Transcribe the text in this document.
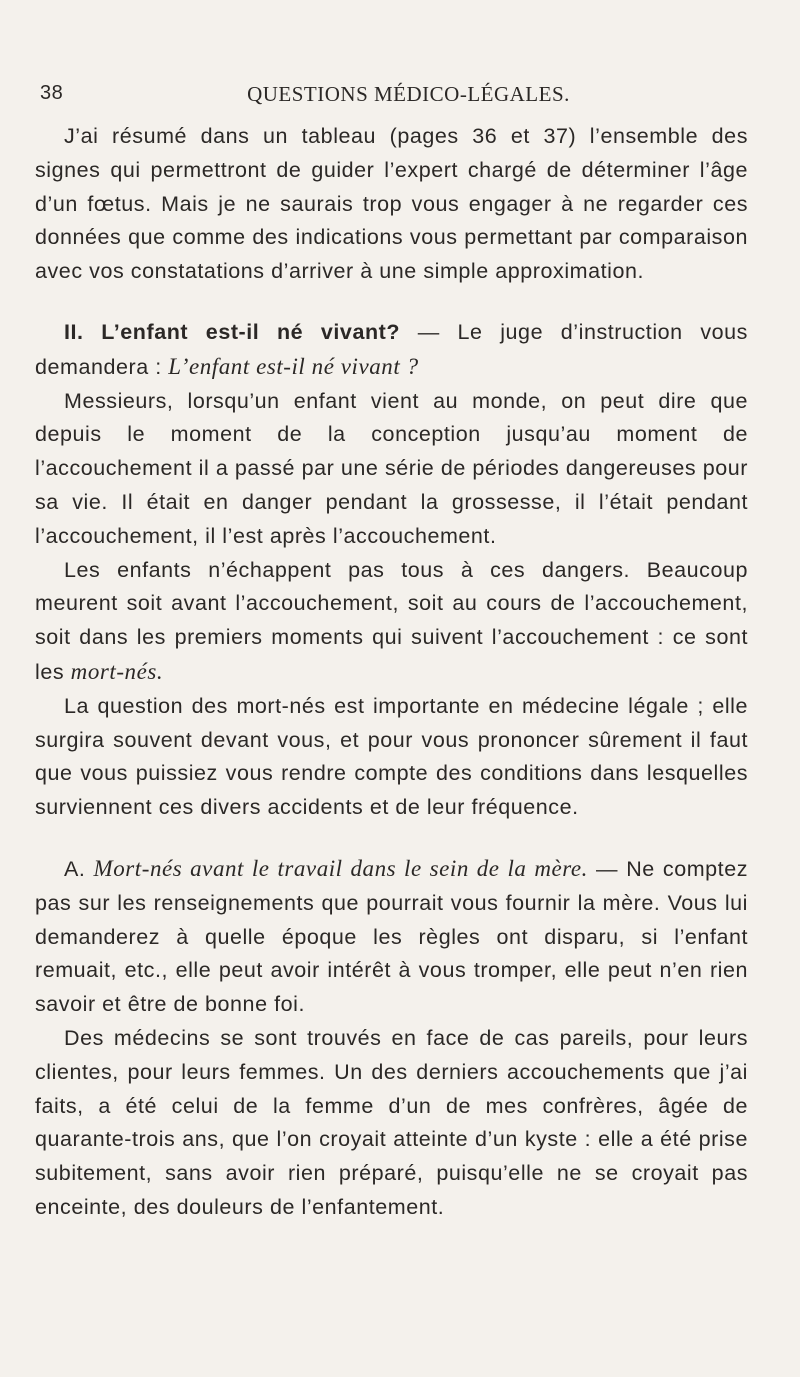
38	QUESTIONS MÉDICO-LÉGALES.

J’ai résumé dans un tableau (pages 36 et 37) l’ensemble des signes qui permettront de guider l’expert chargé de déterminer l’âge d’un fœtus. Mais je ne saurais trop vous engager à ne regarder ces données que comme des indications vous permettant par comparaison avec vos constatations d’arriver à une simple approximation.

II. L’enfant est-il né vivant? — Le juge d’instruction vous demandera : L’enfant est-il né vivant ?

Messieurs, lorsqu’un enfant vient au monde, on peut dire que depuis le moment de la conception jusqu’au moment de l’accouchement il a passé par une série de périodes dangereuses pour sa vie. Il était en danger pendant la grossesse, il l’était pendant l’accouchement, il l’est après l’accouchement.

Les enfants n’échappent pas tous à ces dangers. Beaucoup meurent soit avant l’accouchement, soit au cours de l’accouchement, soit dans les premiers moments qui suivent l’accouchement : ce sont les mort-nés.

La question des mort-nés est importante en médecine légale ; elle surgira souvent devant vous, et pour vous prononcer sûrement il faut que vous puissiez vous rendre compte des conditions dans lesquelles surviennent ces divers accidents et de leur fréquence.

A. Mort-nés avant le travail dans le sein de la mère. — Ne comptez pas sur les renseignements que pourrait vous fournir la mère. Vous lui demanderez à quelle époque les règles ont disparu, si l’enfant remuait, etc., elle peut avoir intérêt à vous tromper, elle peut n’en rien savoir et être de bonne foi.

Des médecins se sont trouvés en face de cas pareils, pour leurs clientes, pour leurs femmes. Un des derniers accouchements que j’ai faits, a été celui de la femme d’un de mes confrères, âgée de quarante-trois ans, que l’on croyait atteinte d’un kyste : elle a été prise subitement, sans avoir rien préparé, puisqu’elle ne se croyait pas enceinte, des douleurs de l’enfantement.
